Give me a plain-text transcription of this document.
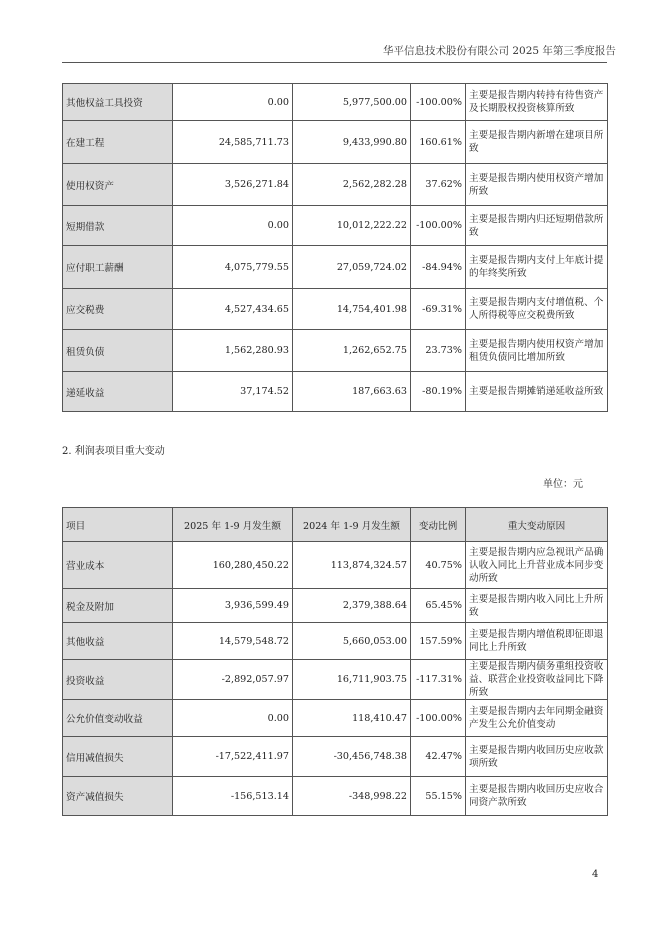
华平信息技术股份有限公司 2025 年第三季度报告
其他权益工具投资	0.00	5,977,500.00	-100.00%	主要是报告期内转持有待售资产及长期股权投资核算所致
在建工程	24,585,711.73	9,433,990.80	160.61%	主要是报告期内新增在建项目所致
使用权资产	3,526,271.84	2,562,282.28	37.62%	主要是报告期内使用权资产增加所致
短期借款	0.00	10,012,222.22	-100.00%	主要是报告期内归还短期借款所致
应付职工薪酬	4,075,779.55	27,059,724.02	-84.94%	主要是报告期内支付上年底计提的年终奖所致
应交税费	4,527,434.65	14,754,401.98	-69.31%	主要是报告期内支付增值税、个人所得税等应交税费所致
租赁负债	1,562,280.93	1,262,652.75	23.73%	主要是报告期内使用权资产增加租赁负债同比增加所致
递延收益	37,174.52	187,663.63	-80.19%	主要是报告期摊销递延收益所致
2. 利润表项目重大变动
单位：元
项目	2025 年 1-9 月发生额	2024 年 1-9 月发生额	变动比例	重大变动原因
营业成本	160,280,450.22	113,874,324.57	40.75%	主要是报告期内应急视讯产品确认收入同比上升营业成本同步变动所致
税金及附加	3,936,599.49	2,379,388.64	65.45%	主要是报告期内收入同比上升所致
其他收益	14,579,548.72	5,660,053.00	157.59%	主要是报告期内增值税即征即退同比上升所致
投资收益	-2,892,057.97	16,711,903.75	-117.31%	主要是报告期内债务重组投资收益、联营企业投资收益同比下降所致
公允价值变动收益	0.00	118,410.47	-100.00%	主要是报告期内去年同期金融资产发生公允价值变动
信用减值损失	-17,522,411.97	-30,456,748.38	42.47%	主要是报告期内收回历史应收款项所致
资产减值损失	-156,513.14	-348,998.22	55.15%	主要是报告期内收回历史应收合同资产款所致
4
